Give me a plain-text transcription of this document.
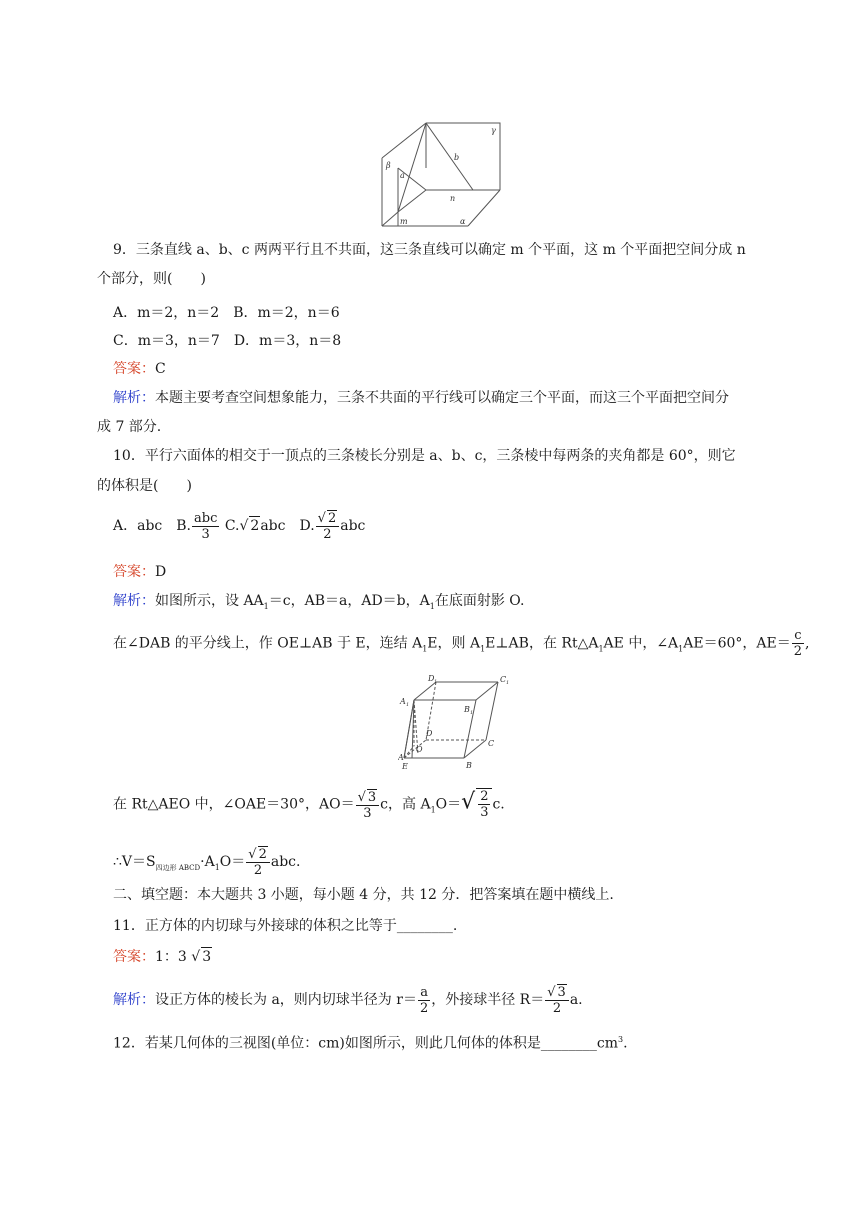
γ
β
a
b
n
m	α
9．三条直线 a、b、c 两两平行且不共面，这三条直线可以确定 m 个平面，这 m 个平面把空间分成 n
个部分，则(　　)
A．m＝2，n＝2　B．m＝2，n＝6
C．m＝3，n＝7　D．m＝3，n＝8
答案：C
解析：本题主要考查空间想象能力，三条不共面的平行线可以确定三个平面，而这三个平面把空间分
成 7 部分.
10．平行六面体的相交于一顶点的三条棱长分别是 a、b、c，三条棱中每两条的夹角都是 60°，则它
的体积是(　　)
A．abc　B. $\frac{\text{abc}}{3} C.√$ 2abc　D. $\frac{√ 2}{2}$ abc
答案：D
解析：如图所示，设 $AA_1=c$，AB＝a，AD＝b，$A_1$在底面射影 O.
在∠DAB 的平分线上，作 OE⊥AB 于 E，连结 $A_1E$，则 $A_1E\perp AB$，在 $Rt\triangle A_1AE$ 中，$\angle A_1AE=60^\circ$，$AE= \frac{c}{2}$ ,
D 1	C 1
A 1	B 1
D
O
C
A
E	B
在 Rt△AEO 中，∠OAE＝30°，$AO= \frac{√ 3}{3}$ c，高 $A_1O=√ \frac{2}{3} c$.
$\therefore V=S_{四边形 ABCD}\cdot A_1O= \frac{√ 2}{2}$ abc.
二、填空题：本大题共 3 小题，每小题 4 分，共 12 分．把答案填在题中横线上.
11．正方体的内切球与外接球的体积之比等于________.
答案：1：3 √ 3
解析：设正方体的棱长为 a，则内切球半径为 $r= \frac{a}{2}$ ，外接球半径 $R= \frac{√ 3}{2} a$.
12．若某几何体的三视图(单位：cm)如图所示，则此几何体的体积是$\_\_\_\_\_\_\_\_cm^3$.
